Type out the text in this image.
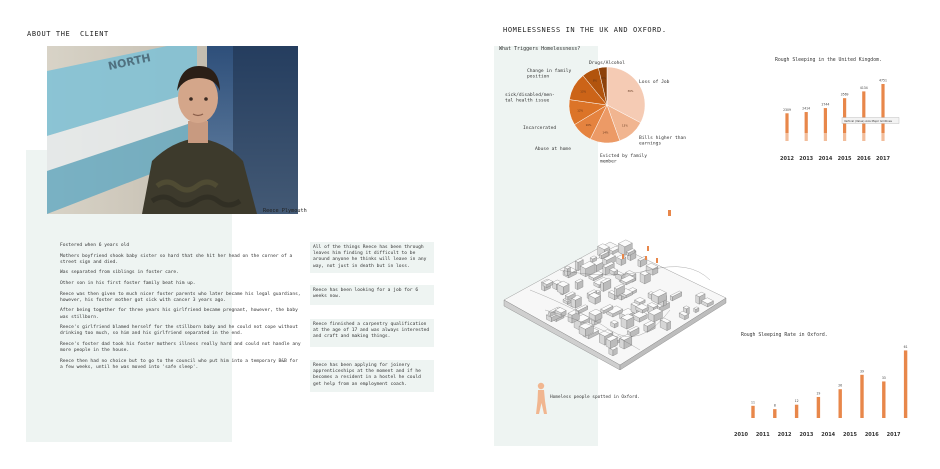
ABOUT THE  CLIENT
NORTH
Reece Plymouth

Fostered when 6 years old

Mothers boyfriend shook baby sister so hard that she hit her head on the corner of a street sign and died.

Was separated from siblings in foster care.

Other son in his first foster family beat him up.

Reece was then given to much nicer foster parents who later became his legal guardians, however, his foster mother got sick with cancer 3 years ago.

After being together for three years his girlfriend became pregnant, however, the baby was stillborn.

Reece's girlfriend blamed herself for the stillborn baby and he could not cope without drinking too much, so him and his girlfriend separated in the end.

Reece's foster dad took his foster mothers illness really hard and could not handle any more people in the house.

Reece then had no choice but to go to the council who put him into a temporary B&B for a few weeks, until he was moved into 'safe sleep'.

All of the things Reece has been through leaves him finding it difficult to be around anyone he thinks will leave in any way, not just in death but in loss.
Reece has been looking for a job for 6 weeks now.
Reece finnished a carpentry qualification at the age of 17 and was always interested and craft and making things.
Reece has been applying for joinery apprenticeships at the moment and if he becomes a resident in a hostel he could get help from an employment coach.
HOMELESSNESS IN THE UK AND OXFORD.
What Triggers Homelessness?
36%
Loss of Job
13%
Bills higher than
earnings
14%
Evicted by family
member
10%
Abuse at home
12%
Incarcerated
13%
sick/disabled/men-
tal health issue
8%
Change in family
position	4%
Drugs/Alcohol
Rough Sleeping in the United Kingdom.
2309
2012
2414
2013
2744
2014
3569
2015
4134
2016
4751
2017
Vertical (Value) Axis Major Gridlines
Homeless people spotted in Oxford.
Rough Sleeping Rate in Oxford.
11
2010
8
2011
12
2012
19
2013
26
2014
39
2015
33
2016
61
2017
